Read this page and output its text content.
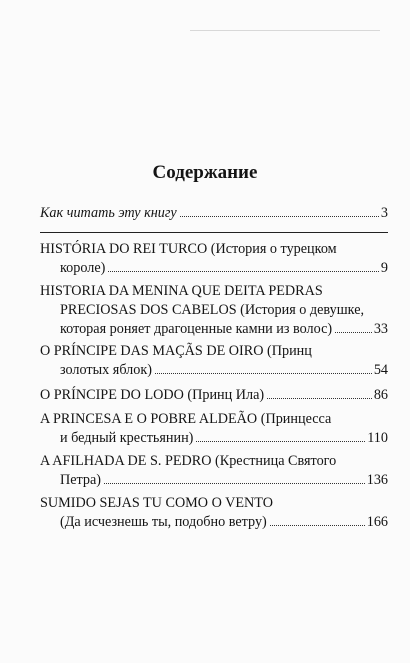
Содержание
Как читать эту книгу	3
HISTÓRIA DO REI TURCO (История о турецком
короле)	9
HISTORIA DA MENINA QUE DEITA PEDRAS
PRECIOSAS DOS CABELOS (История о девушке,
которая роняет драгоценные камни из волос)	33
O PRÍNCIPE DAS MAÇÃS DE OIRO (Принц
золотых яблок)	54
O PRÍNCIPE DO LODO (Принц Ила)	86
A PRINCESA E O POBRE ALDEÃO (Принцесса
и бедный крестьянин)	110
A AFILHADA DE S. PEDRO (Крестница Святого
Петра)	136
SUMIDO SEJAS TU COMO O VENTO
(Да исчезнешь ты, подобно ветру)	166
